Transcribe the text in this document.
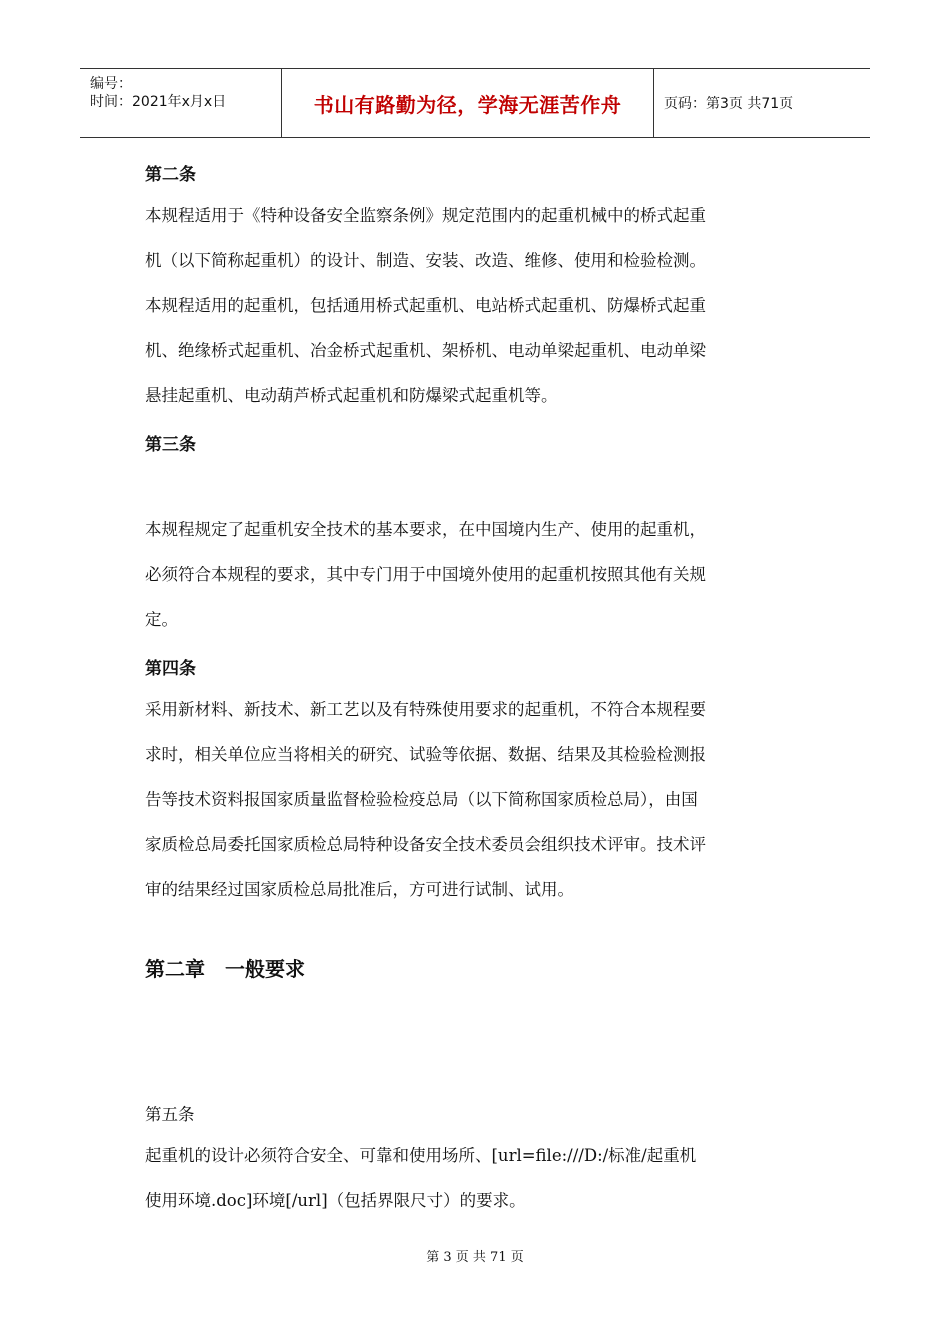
编号：
时间：2021年x月x日	书山有路勤为径，学海无涯苦作舟	页码：第3页 共71页
第二条
本规程适用于《特种设备安全监察条例》规定范围内的起重机械中的桥式起重
机（以下简称起重机）的设计、制造、安装、改造、维修、使用和检验检测。
本规程适用的起重机，包括通用桥式起重机、电站桥式起重机、防爆桥式起重
机、绝缘桥式起重机、冶金桥式起重机、架桥机、电动单梁起重机、电动单梁
悬挂起重机、电动葫芦桥式起重机和防爆梁式起重机等。
第三条
本规程规定了起重机安全技术的基本要求，在中国境内生产、使用的起重机，
必须符合本规程的要求，其中专门用于中国境外使用的起重机按照其他有关规
定。
第四条
采用新材料、新技术、新工艺以及有特殊使用要求的起重机，不符合本规程要
求时，相关单位应当将相关的研究、试验等依据、数据、结果及其检验检测报
告等技术资料报国家质量监督检验检疫总局（以下简称国家质检总局），由国
家质检总局委托国家质检总局特种设备安全技术委员会组织技术评审。技术评
审的结果经过国家质检总局批准后，方可进行试制、试用。
第二章　一般要求
第五条
起重机的设计必须符合安全、可靠和使用场所、[url=file:///D:/标准/起重机
使用环境.doc]环境[/url]（包括界限尺寸）的要求。
第 3 页 共 71 页
